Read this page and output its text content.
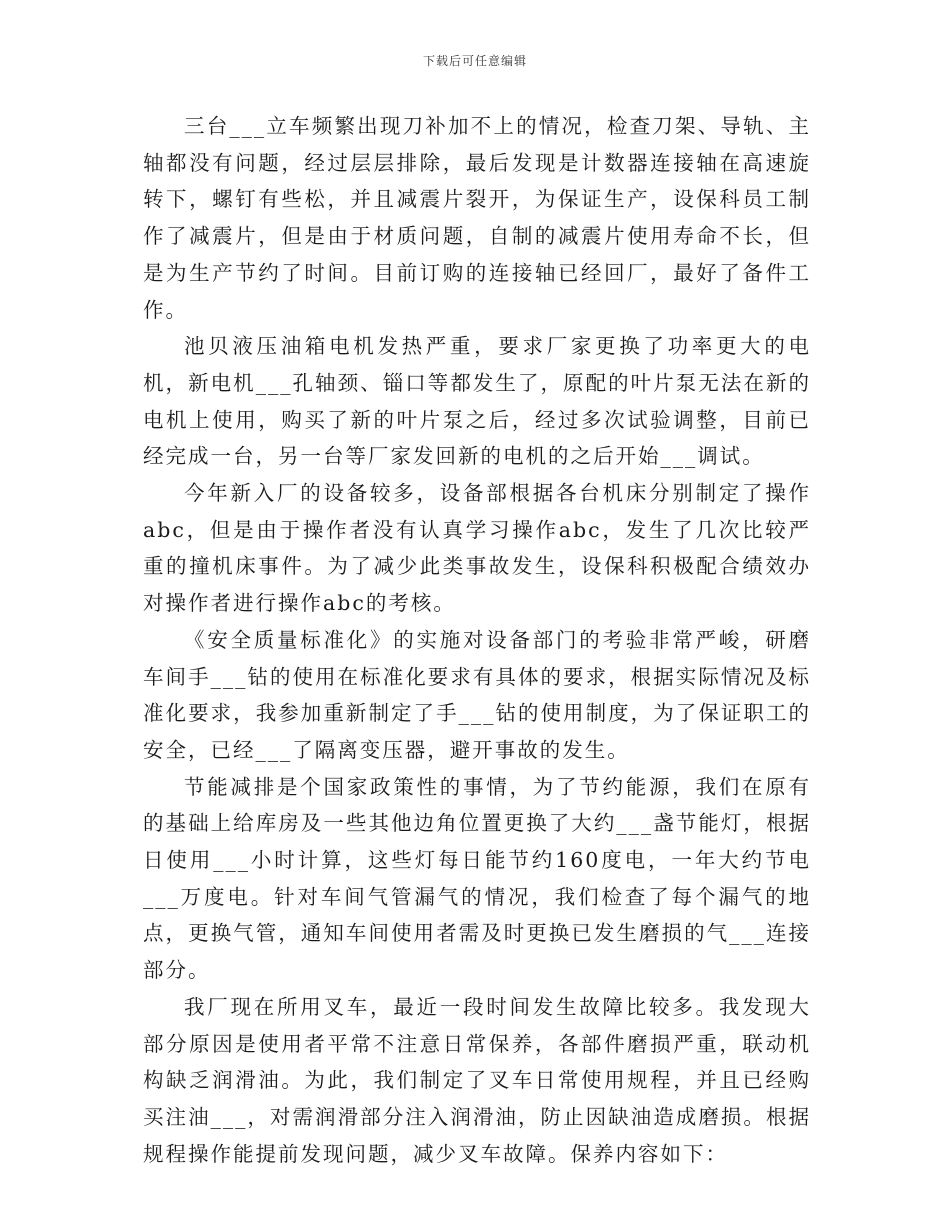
下载后可任意编辑

三台___立车频繁出现刀补加不上的情况，检查刀架、导轨、主轴都没有问题，经过层层排除，最后发现是计数器连接轴在高速旋转下，螺钉有些松，并且减震片裂开，为保证生产，设保科员工制作了减震片，但是由于材质问题，自制的减震片使用寿命不长，但是为生产节约了时间。目前订购的连接轴已经回厂，最好了备件工作。

池贝液压油箱电机发热严重，要求厂家更换了功率更大的电机，新电机___孔轴颈、锱口等都发生了，原配的叶片泵无法在新的电机上使用，购买了新的叶片泵之后，经过多次试验调整，目前已经完成一台，另一台等厂家发回新的电机的之后开始___调试。

今年新入厂的设备较多，设备部根据各台机床分别制定了操作abc，但是由于操作者没有认真学习操作abc，发生了几次比较严重的撞机床事件。为了减少此类事故发生，设保科积极配合绩效办对操作者进行操作abc的考核。

《安全质量标准化》的实施对设备部门的考验非常严峻，研磨车间手___钻的使用在标准化要求有具体的要求，根据实际情况及标准化要求，我参加重新制定了手___钻的使用制度，为了保证职工的安全，已经___了隔离变压器，避开事故的发生。

节能减排是个国家政策性的事情，为了节约能源，我们在原有的基础上给库房及一些其他边角位置更换了大约___盏节能灯，根据日使用___小时计算，这些灯每日能节约160度电，一年大约节电___万度电。针对车间气管漏气的情况，我们检查了每个漏气的地点，更换气管，通知车间使用者需及时更换已发生磨损的气___连接部分。

我厂现在所用叉车，最近一段时间发生故障比较多。我发现大部分原因是使用者平常不注意日常保养，各部件磨损严重，联动机构缺乏润滑油。为此，我们制定了叉车日常使用规程，并且已经购买注油___，对需润滑部分注入润滑油，防止因缺油造成磨损。根据规程操作能提前发现问题，减少叉车故障。保养内容如下：
